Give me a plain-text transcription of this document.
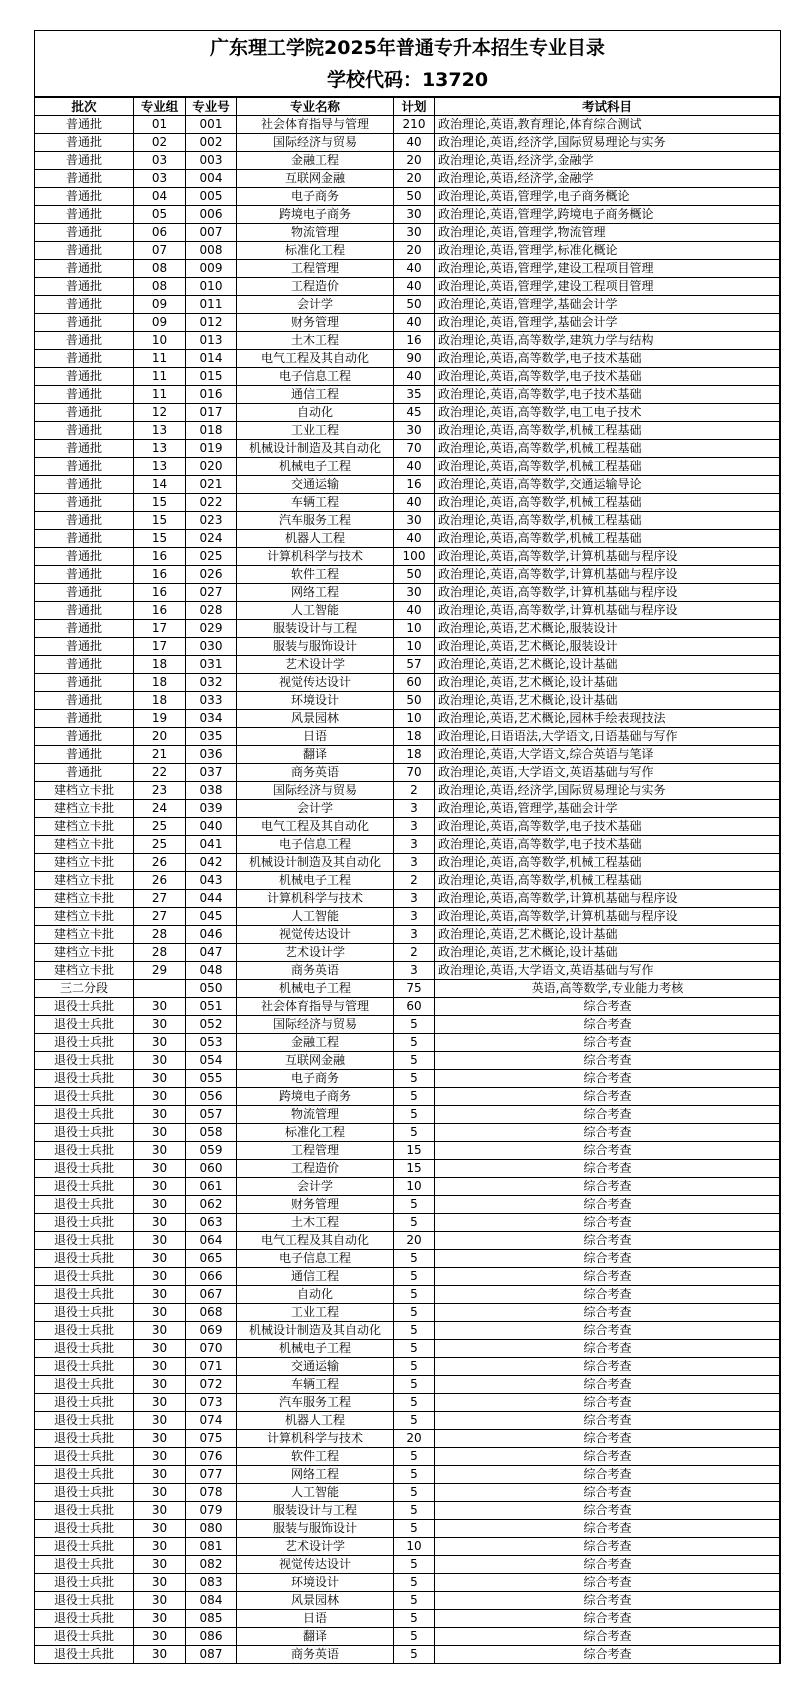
广东理工学院2025年普通专升本招生专业目录
学校代码：13720
批次	专业组	专业号	专业名称	计划	考试科目
普通批	01	001	社会体育指导与管理	210	政治理论,英语,教育理论,体育综合测试
普通批	02	002	国际经济与贸易	40	政治理论,英语,经济学,国际贸易理论与实务
普通批	03	003	金融工程	20	政治理论,英语,经济学,金融学
普通批	03	004	互联网金融	20	政治理论,英语,经济学,金融学
普通批	04	005	电子商务	50	政治理论,英语,管理学,电子商务概论
普通批	05	006	跨境电子商务	30	政治理论,英语,管理学,跨境电子商务概论
普通批	06	007	物流管理	30	政治理论,英语,管理学,物流管理
普通批	07	008	标准化工程	20	政治理论,英语,管理学,标准化概论
普通批	08	009	工程管理	40	政治理论,英语,管理学,建设工程项目管理
普通批	08	010	工程造价	40	政治理论,英语,管理学,建设工程项目管理
普通批	09	011	会计学	50	政治理论,英语,管理学,基础会计学
普通批	09	012	财务管理	40	政治理论,英语,管理学,基础会计学
普通批	10	013	土木工程	16	政治理论,英语,高等数学,建筑力学与结构
普通批	11	014	电气工程及其自动化	90	政治理论,英语,高等数学,电子技术基础
普通批	11	015	电子信息工程	40	政治理论,英语,高等数学,电子技术基础
普通批	11	016	通信工程	35	政治理论,英语,高等数学,电子技术基础
普通批	12	017	自动化	45	政治理论,英语,高等数学,电工电子技术
普通批	13	018	工业工程	30	政治理论,英语,高等数学,机械工程基础
普通批	13	019	机械设计制造及其自动化	70	政治理论,英语,高等数学,机械工程基础
普通批	13	020	机械电子工程	40	政治理论,英语,高等数学,机械工程基础
普通批	14	021	交通运输	16	政治理论,英语,高等数学,交通运输导论
普通批	15	022	车辆工程	40	政治理论,英语,高等数学,机械工程基础
普通批	15	023	汽车服务工程	30	政治理论,英语,高等数学,机械工程基础
普通批	15	024	机器人工程	40	政治理论,英语,高等数学,机械工程基础
普通批	16	025	计算机科学与技术	100	政治理论,英语,高等数学,计算机基础与程序设
普通批	16	026	软件工程	50	政治理论,英语,高等数学,计算机基础与程序设
普通批	16	027	网络工程	30	政治理论,英语,高等数学,计算机基础与程序设
普通批	16	028	人工智能	40	政治理论,英语,高等数学,计算机基础与程序设
普通批	17	029	服装设计与工程	10	政治理论,英语,艺术概论,服装设计
普通批	17	030	服装与服饰设计	10	政治理论,英语,艺术概论,服装设计
普通批	18	031	艺术设计学	57	政治理论,英语,艺术概论,设计基础
普通批	18	032	视觉传达设计	60	政治理论,英语,艺术概论,设计基础
普通批	18	033	环境设计	50	政治理论,英语,艺术概论,设计基础
普通批	19	034	风景园林	10	政治理论,英语,艺术概论,园林手绘表现技法
普通批	20	035	日语	18	政治理论,日语语法,大学语文,日语基础与写作
普通批	21	036	翻译	18	政治理论,英语,大学语文,综合英语与笔译
普通批	22	037	商务英语	70	政治理论,英语,大学语文,英语基础与写作
建档立卡批	23	038	国际经济与贸易	2	政治理论,英语,经济学,国际贸易理论与实务
建档立卡批	24	039	会计学	3	政治理论,英语,管理学,基础会计学
建档立卡批	25	040	电气工程及其自动化	3	政治理论,英语,高等数学,电子技术基础
建档立卡批	25	041	电子信息工程	3	政治理论,英语,高等数学,电子技术基础
建档立卡批	26	042	机械设计制造及其自动化	3	政治理论,英语,高等数学,机械工程基础
建档立卡批	26	043	机械电子工程	2	政治理论,英语,高等数学,机械工程基础
建档立卡批	27	044	计算机科学与技术	3	政治理论,英语,高等数学,计算机基础与程序设
建档立卡批	27	045	人工智能	3	政治理论,英语,高等数学,计算机基础与程序设
建档立卡批	28	046	视觉传达设计	3	政治理论,英语,艺术概论,设计基础
建档立卡批	28	047	艺术设计学	2	政治理论,英语,艺术概论,设计基础
建档立卡批	29	048	商务英语	3	政治理论,英语,大学语文,英语基础与写作
三二分段		050	机械电子工程	75	英语,高等数学,专业能力考核
退役士兵批	30	051	社会体育指导与管理	60	综合考查
退役士兵批	30	052	国际经济与贸易	5	综合考查
退役士兵批	30	053	金融工程	5	综合考查
退役士兵批	30	054	互联网金融	5	综合考查
退役士兵批	30	055	电子商务	5	综合考查
退役士兵批	30	056	跨境电子商务	5	综合考查
退役士兵批	30	057	物流管理	5	综合考查
退役士兵批	30	058	标准化工程	5	综合考查
退役士兵批	30	059	工程管理	15	综合考查
退役士兵批	30	060	工程造价	15	综合考查
退役士兵批	30	061	会计学	10	综合考查
退役士兵批	30	062	财务管理	5	综合考查
退役士兵批	30	063	土木工程	5	综合考查
退役士兵批	30	064	电气工程及其自动化	20	综合考查
退役士兵批	30	065	电子信息工程	5	综合考查
退役士兵批	30	066	通信工程	5	综合考查
退役士兵批	30	067	自动化	5	综合考查
退役士兵批	30	068	工业工程	5	综合考查
退役士兵批	30	069	机械设计制造及其自动化	5	综合考查
退役士兵批	30	070	机械电子工程	5	综合考查
退役士兵批	30	071	交通运输	5	综合考查
退役士兵批	30	072	车辆工程	5	综合考查
退役士兵批	30	073	汽车服务工程	5	综合考查
退役士兵批	30	074	机器人工程	5	综合考查
退役士兵批	30	075	计算机科学与技术	20	综合考查
退役士兵批	30	076	软件工程	5	综合考查
退役士兵批	30	077	网络工程	5	综合考查
退役士兵批	30	078	人工智能	5	综合考查
退役士兵批	30	079	服装设计与工程	5	综合考查
退役士兵批	30	080	服装与服饰设计	5	综合考查
退役士兵批	30	081	艺术设计学	10	综合考查
退役士兵批	30	082	视觉传达设计	5	综合考查
退役士兵批	30	083	环境设计	5	综合考查
退役士兵批	30	084	风景园林	5	综合考查
退役士兵批	30	085	日语	5	综合考查
退役士兵批	30	086	翻译	5	综合考查
退役士兵批	30	087	商务英语	5	综合考查
